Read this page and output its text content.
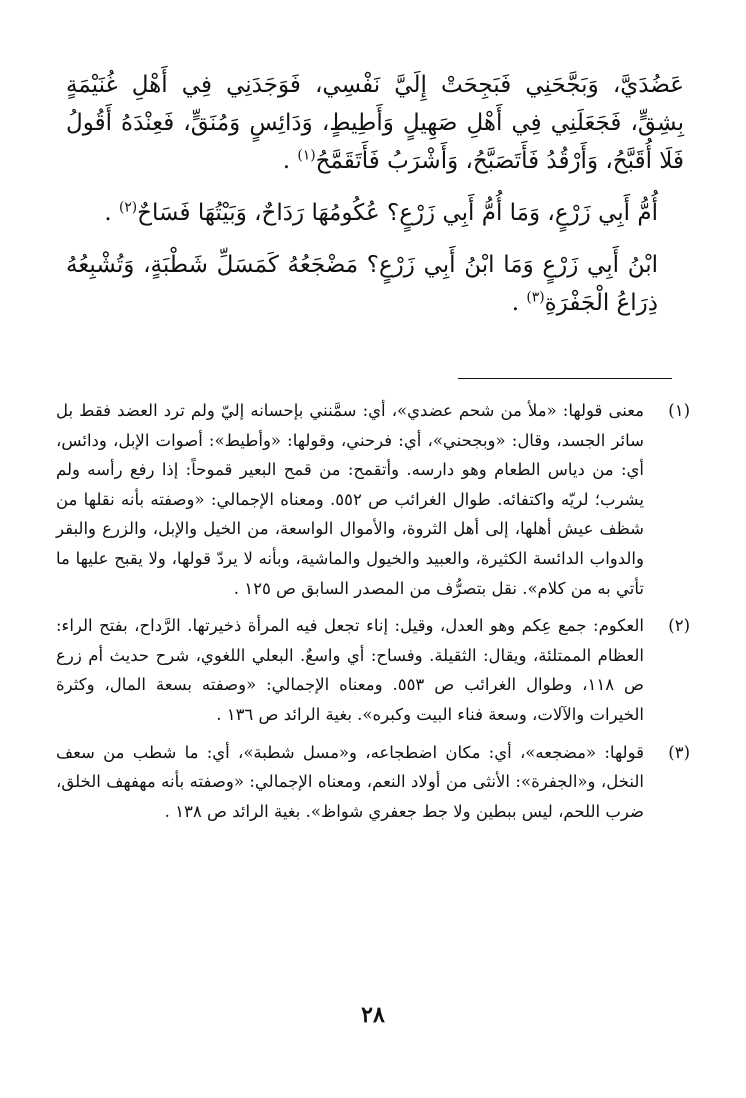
عَضُدَيَّ، وَبَجَّحَنِي فَبَجِحَتْ إِلَيَّ نَفْسِي، فَوَجَدَنِي فِي أَهْلِ غُنَيْمَةٍ بِشِقٍّ، فَجَعَلَنِي فِي أَهْلِ صَهِيلٍ وَأَطِيطٍ، وَدَائِسٍ وَمُنَقٍّ، فَعِنْدَهُ أَقُولُ فَلَا أُقَبَّحُ، وَأَرْقُدُ فَأَتَصَبَّحُ، وَأَشْرَبُ فَأَتَقَمَّحُ$^{(١)}$ .

أُمُّ أَبِي زَرْعٍ، وَمَا أُمُّ أَبِي زَرْعٍ؟ عُكُومُهَا رَدَاحٌ، وَبَيْتُهَا فَسَاحٌ$^{(٢)}$ .

ابْنُ أَبِي زَرْعٍ وَمَا ابْنُ أَبِي زَرْعٍ؟ مَضْجَعُهُ كَمَسَلِّ شَطْبَةٍ، وَتُشْبِعُهُ ذِرَاعُ الْجَفْرَةِ$^{(٣)}$ .

(١)
معنى قولها: «ملأ من شحم عضدي»، أي: سمَّنني بإحسانه إليّ ولم ترد العضد فقط بل سائر الجسد، وقال: «وبجحني»، أي: فرحني، وقولها: «وأطيط»: أصوات الإبل، ودائس، أي: من دياس الطعام وهو دارسه. وأتقمح: من قمح البعير قموحاً: إذا رفع رأسه ولم يشرب؛ لريّه واكتفائه. طوال الغرائب ص ٥٥٢. ومعناه الإجمالي: «وصفته بأنه نقلها من شظف عيش أهلها، إلى أهل الثروة، والأموال الواسعة، من الخيل والإبل، والزرع والبقر والدواب الدائسة الكثيرة، والعبيد والخيول والماشية، وبأنه لا يردّ قولها، ولا يقبح عليها ما تأتي به من كلام». نقل بتصرُّف من المصدر السابق ص ١٢٥ .
(٢)
العكوم: جمع عِكم وهو العدل، وقيل: إناء تجعل فيه المرأة ذخيرتها. الرَّداح، بفتح الراء: العظام الممتلئة، ويقال: الثقيلة. وفساح: أي واسعٌ. البعلي اللغوي، شرح حديث أم زرع ص ١١٨، وطوال الغرائب ص ٥٥٣. ومعناه الإجمالي: «وصفته بسعة المال، وكثرة الخيرات والآلات، وسعة فناء البيت وكبره». بغية الرائد ص ١٣٦ .
(٣)
قولها: «مضجعه»، أي: مكان اضطجاعه، و«مسل شطبة»، أي: ما شطب من سعف النخل، و«الجفرة»: الأنثى من أولاد النعم، ومعناه الإجمالي: «وصفته بأنه مهفهف الخلق، ضرب اللحم، ليس ببطين ولا جط جعفري شواظ». بغية الرائد ص ١٣٨ .
٢٨
